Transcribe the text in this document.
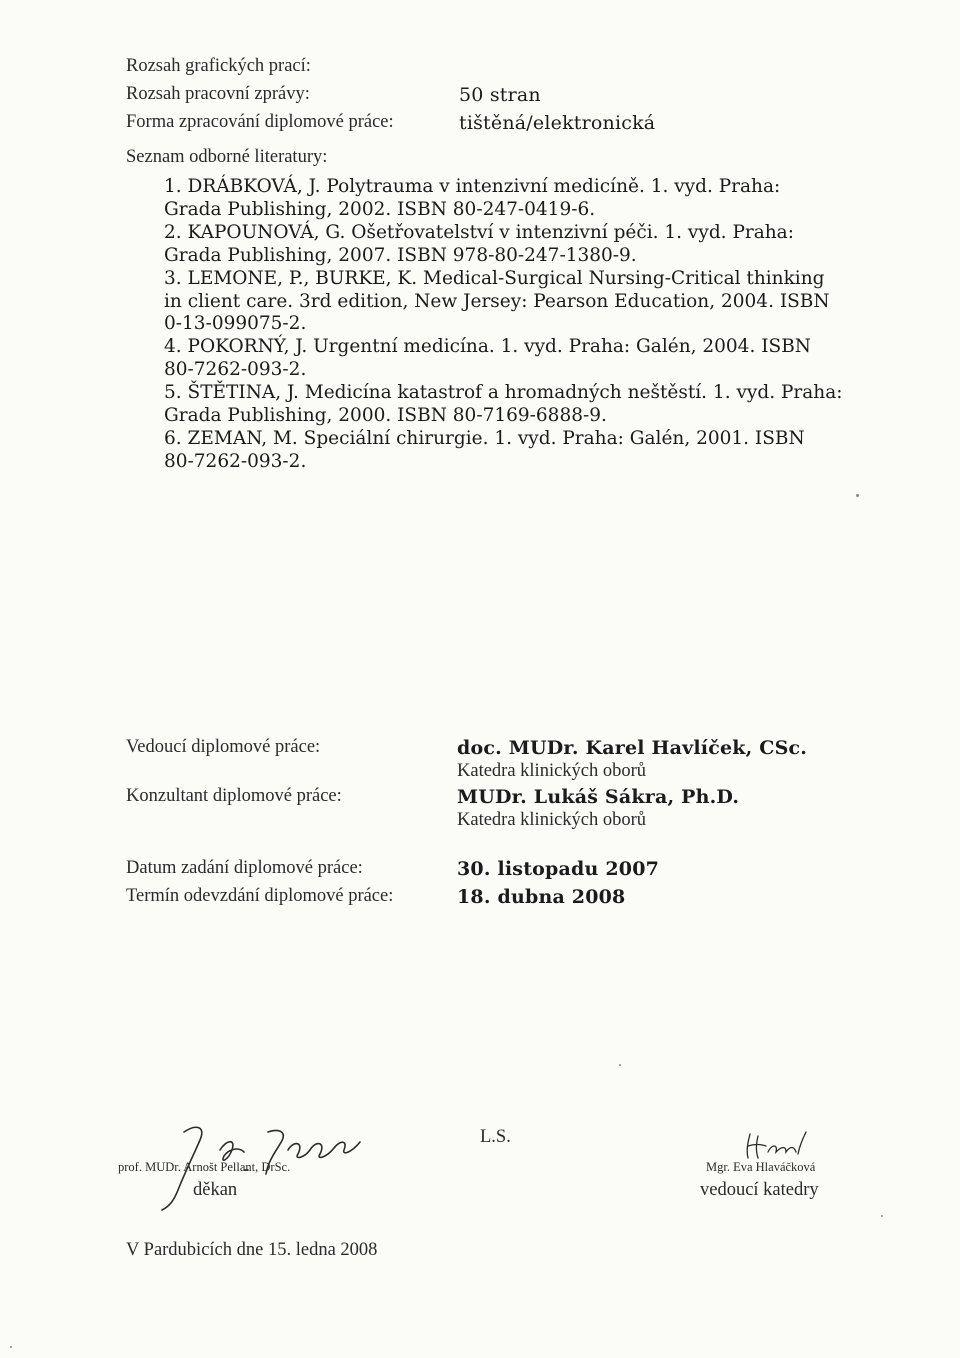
Rozsah grafických prací:
Rozsah pracovní zprávy:	50 stran
Forma zpracování diplomové práce:	tištěná/elektronická
Seznam odborné literatury:
1. DRÁBKOVÁ, J. Polytrauma v intenzivní medicíně. 1. vyd. Praha:
Grada Publishing, 2002. ISBN 80-247-0419-6.
2. KAPOUNOVÁ, G. Ošetřovatelství v intenzivní péči. 1. vyd. Praha:
Grada Publishing, 2007. ISBN 978-80-247-1380-9.
3. LEMONE, P., BURKE, K. Medical-Surgical Nursing-Critical thinking
in client care. 3rd edition, New Jersey: Pearson Education, 2004. ISBN
0-13-099075-2.
4. POKORNÝ, J. Urgentní medicína. 1. vyd. Praha: Galén, 2004. ISBN
80-7262-093-2.
5. ŠTĚTINA, J. Medicína katastrof a hromadných neštěstí. 1. vyd. Praha:
Grada Publishing, 2000. ISBN 80-7169-6888-9.
6. ZEMAN, M. Speciální chirurgie. 1. vyd. Praha: Galén, 2001. ISBN
80-7262-093-2.
Vedoucí diplomové práce:	doc. MUDr. Karel Havlíček, CSc.
Katedra klinických oborů
Konzultant diplomové práce:	MUDr. Lukáš Sákra, Ph.D.
Katedra klinických oborů
Datum zadání diplomové práce:	30. listopadu 2007
Termín odevzdání diplomové práce:	18. dubna 2008
prof. MUDr. Arnošt Pellant, DrSc.
děkan
L.S.
Mgr. Eva Hlaváčková
vedoucí katedry
V Pardubicích dne 15. ledna 2008
